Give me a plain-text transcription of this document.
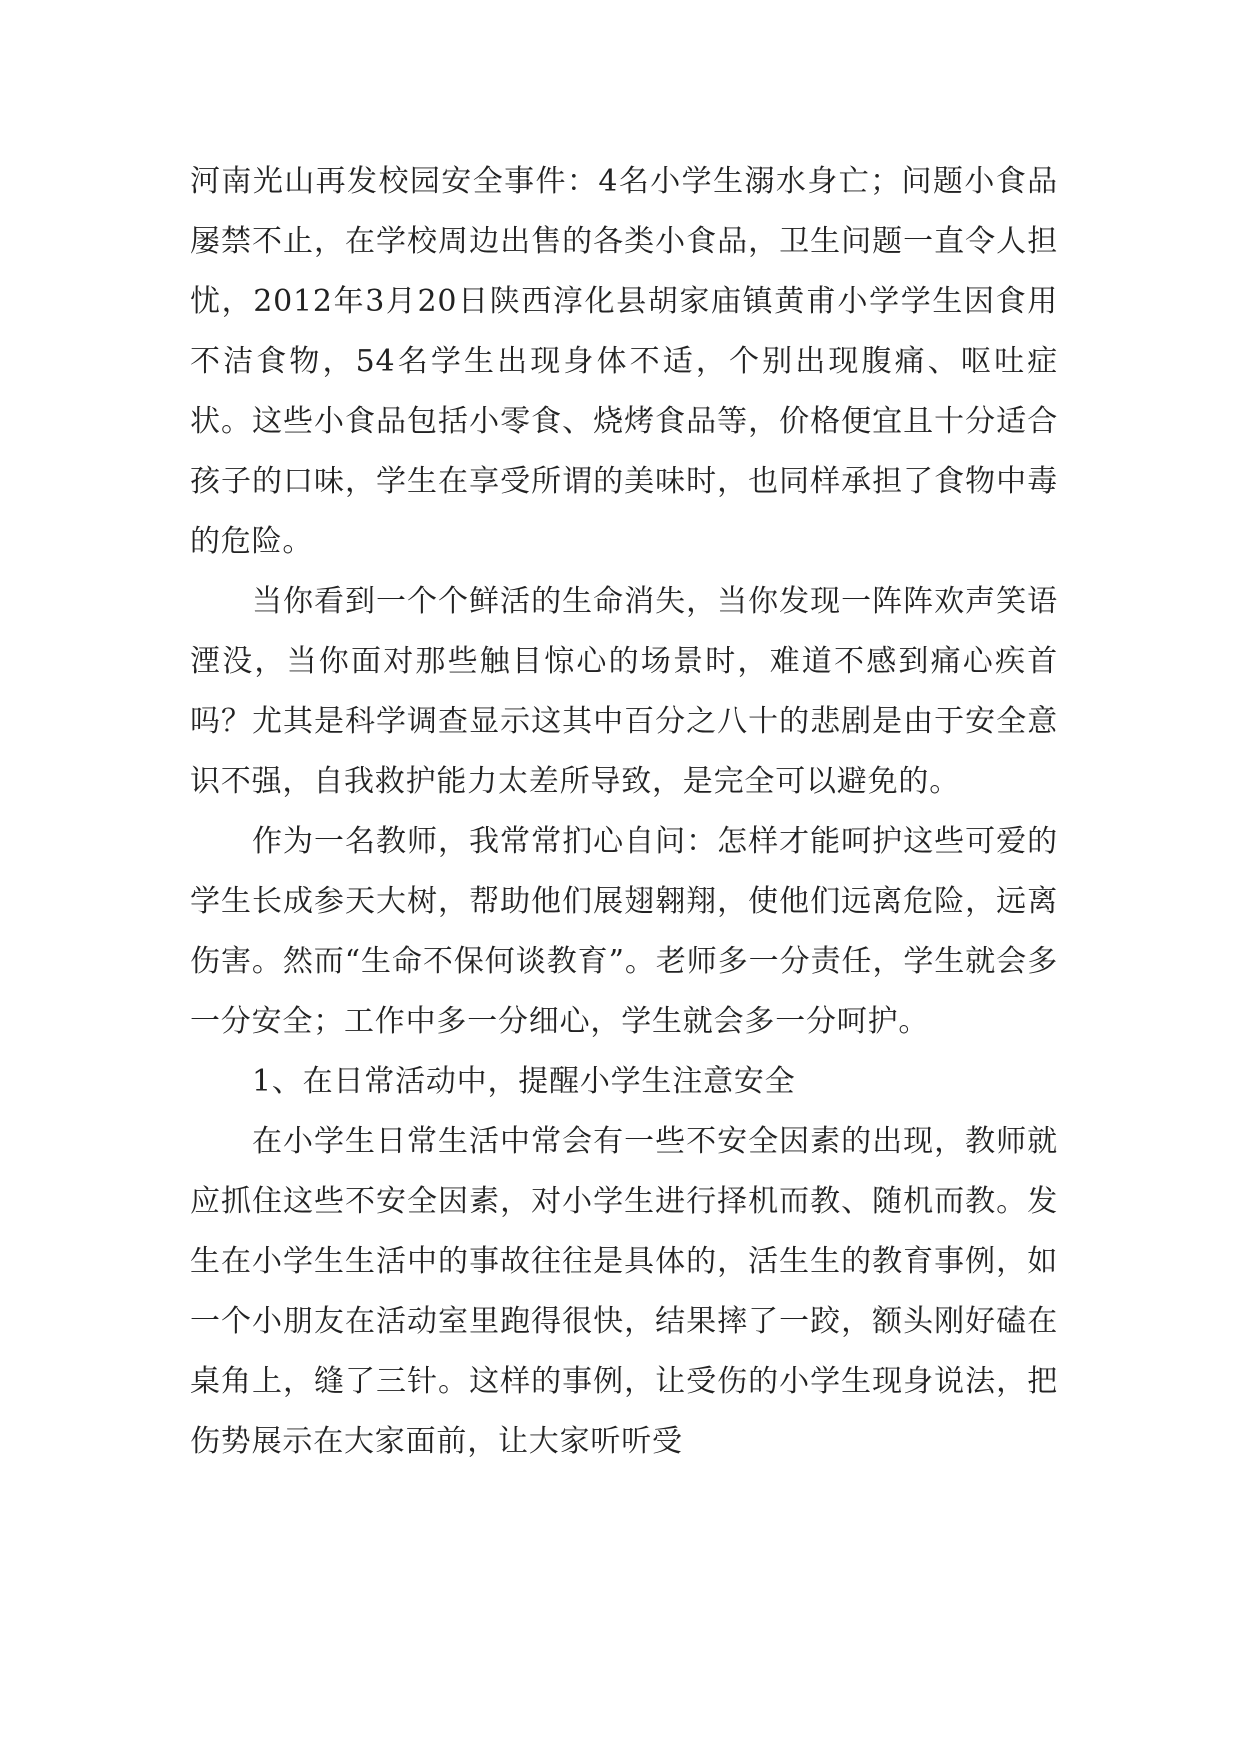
河南光山再发校园安全事件：4名小学生溺水身亡；问题小食品屡禁不止，在学校周边出售的各类小食品，卫生问题一直令人担忧，2012年3月20日陕西淳化县胡家庙镇黄甫小学学生因食用不洁食物，54名学生出现身体不适，个别出现腹痛、呕吐症状。这些小食品包括小零食、烧烤食品等，价格便宜且十分适合孩子的口味，学生在享受所谓的美味时，也同样承担了食物中毒的危险。

当你看到一个个鲜活的生命消失，当你发现一阵阵欢声笑语湮没，当你面对那些触目惊心的场景时，难道不感到痛心疾首吗？尤其是科学调查显示这其中百分之八十的悲剧是由于安全意识不强，自我救护能力太差所导致，是完全可以避免的。

作为一名教师，我常常扪心自问：怎样才能呵护这些可爱的学生长成参天大树，帮助他们展翅翱翔，使他们远离危险，远离伤害。然而“生命不保何谈教育”。老师多一分责任，学生就会多一分安全；工作中多一分细心，学生就会多一分呵护。

1、在日常活动中，提醒小学生注意安全

在小学生日常生活中常会有一些不安全因素的出现，教师就应抓住这些不安全因素，对小学生进行择机而教、随机而教。发生在小学生生活中的事故往往是具体的，活生生的教育事例，如一个小朋友在活动室里跑得很快，结果摔了一跤，额头刚好磕在桌角上，缝了三针。这样的事例，让受伤的小学生现身说法，把伤势展示在大家面前，让大家听听受
